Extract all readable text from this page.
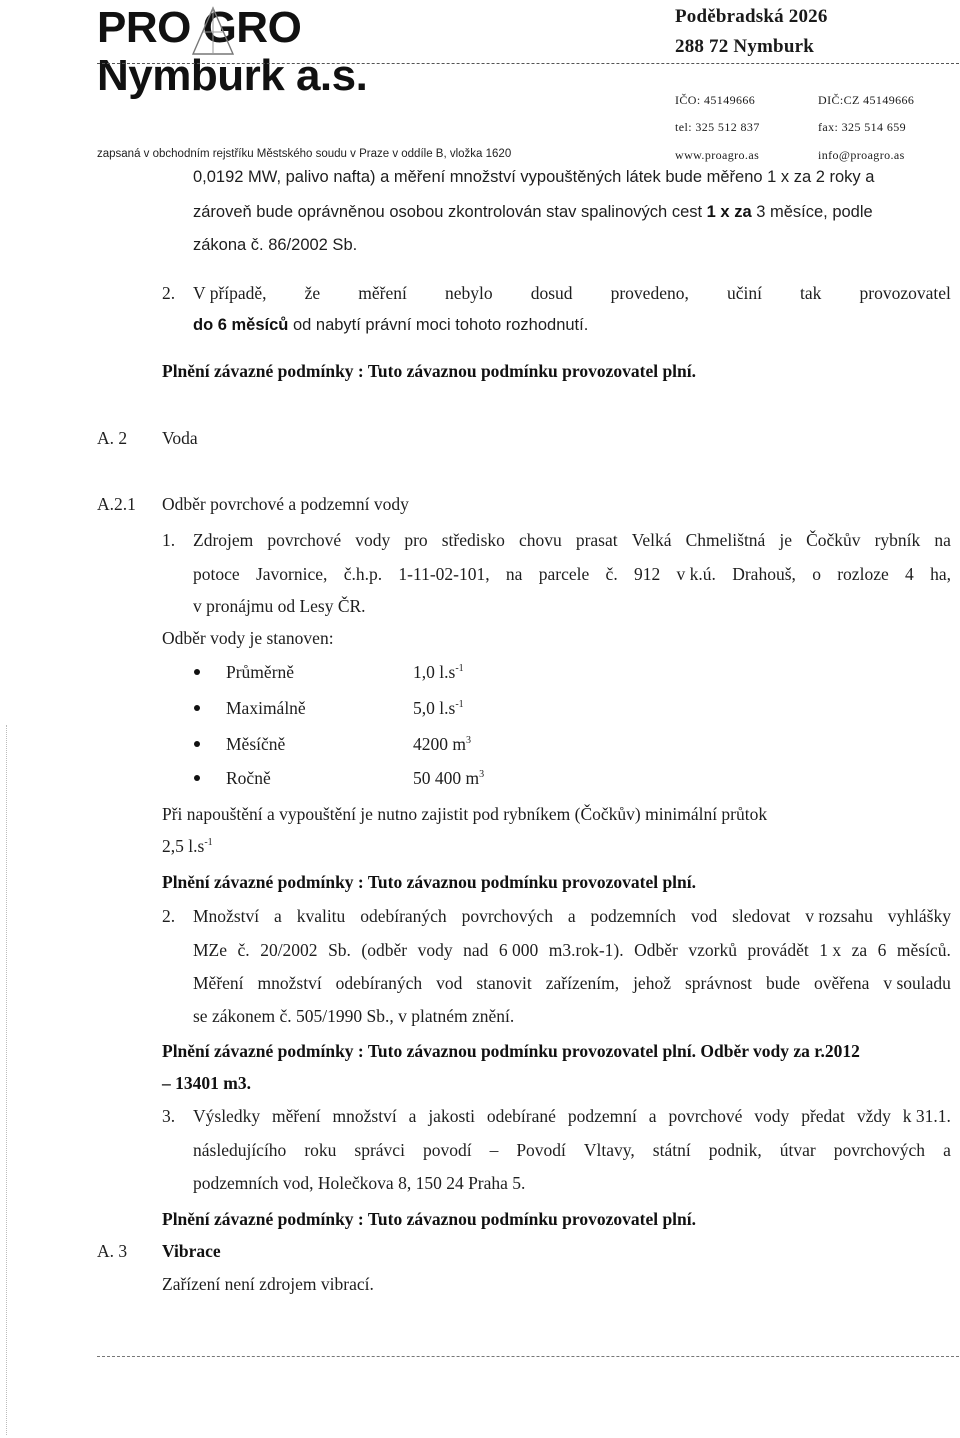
PRO GRO
Nymburk a.s.
Poděbradská 2026
288 72 Nymburk
IČO: 45149666	DIČ:CZ 45149666
tel: 325 512 837	fax: 325 514 659
zapsaná v obchodním rejstříku Městského soudu v Praze v oddíle B, vložka 1620	www.proagro.as	info@proagro.as
0,0192 MW, palivo nafta) a měření množství vypouštěných látek bude měřeno 1 x za 2 roky a
zároveň bude oprávněnou osobou zkontrolován stav spalinových cest 1 x za 3 měsíce, podle
zákona č. 86/2002 Sb.
2. V případě, že měření nebylo dosud provedeno, učiní tak provozovatel
do 6 měsíců od nabytí právní moci tohoto rozhodnutí.
Plnění závazné podmínky : Tuto závaznou podmínku provozovatel plní.
A. 2 Voda
A.2.1 Odběr povrchové a podzemní vody
1. Zdrojem povrchové vody pro středisko chovu prasat Velká Chmelištná je Čočkův rybník na
potoce Javornice, č.h.p. 1-11-02-101, na parcele č. 912 v k.ú. Drahouš, o rozloze 4 ha,
v pronájmu od Lesy ČR.
Odběr vody je stanoven:
Průměrně	1,0 $l.s^{-1}$
Maximálně	5,0 $l.s^{-1}$
Měsíčně	4200 $m^3$
Ročně	50 400 $m^3$
Při napouštění a vypouštění je nutno zajistit pod rybníkem (Čočkův) minimální průtok
2,5 $l.s^{-1}$
Plnění závazné podmínky : Tuto závaznou podmínku provozovatel plní.
2. Množství a kvalitu odebíraných povrchových a podzemních vod sledovat v rozsahu vyhlášky
MZe č. 20/2002 Sb. (odběr vody nad 6 000 m3.rok-1). Odběr vzorků provádět 1 x za 6 měsíců.
Měření množství odebíraných vod stanovit zařízením, jehož správnost bude ověřena v souladu
se zákonem č. 505/1990 Sb., v platném znění.
Plnění závazné podmínky : Tuto závaznou podmínku provozovatel plní. Odběr vody za r.2012
– 13401 m3.
3. Výsledky měření množství a jakosti odebírané podzemní a povrchové vody předat vždy k 31.1.
následujícího roku správci povodí – Povodí Vltavy, státní podnik, útvar povrchových a
podzemních vod, Holečkova 8, 150 24 Praha 5.
Plnění závazné podmínky : Tuto závaznou podmínku provozovatel plní.
A. 3 Vibrace
Zařízení není zdrojem vibrací.
